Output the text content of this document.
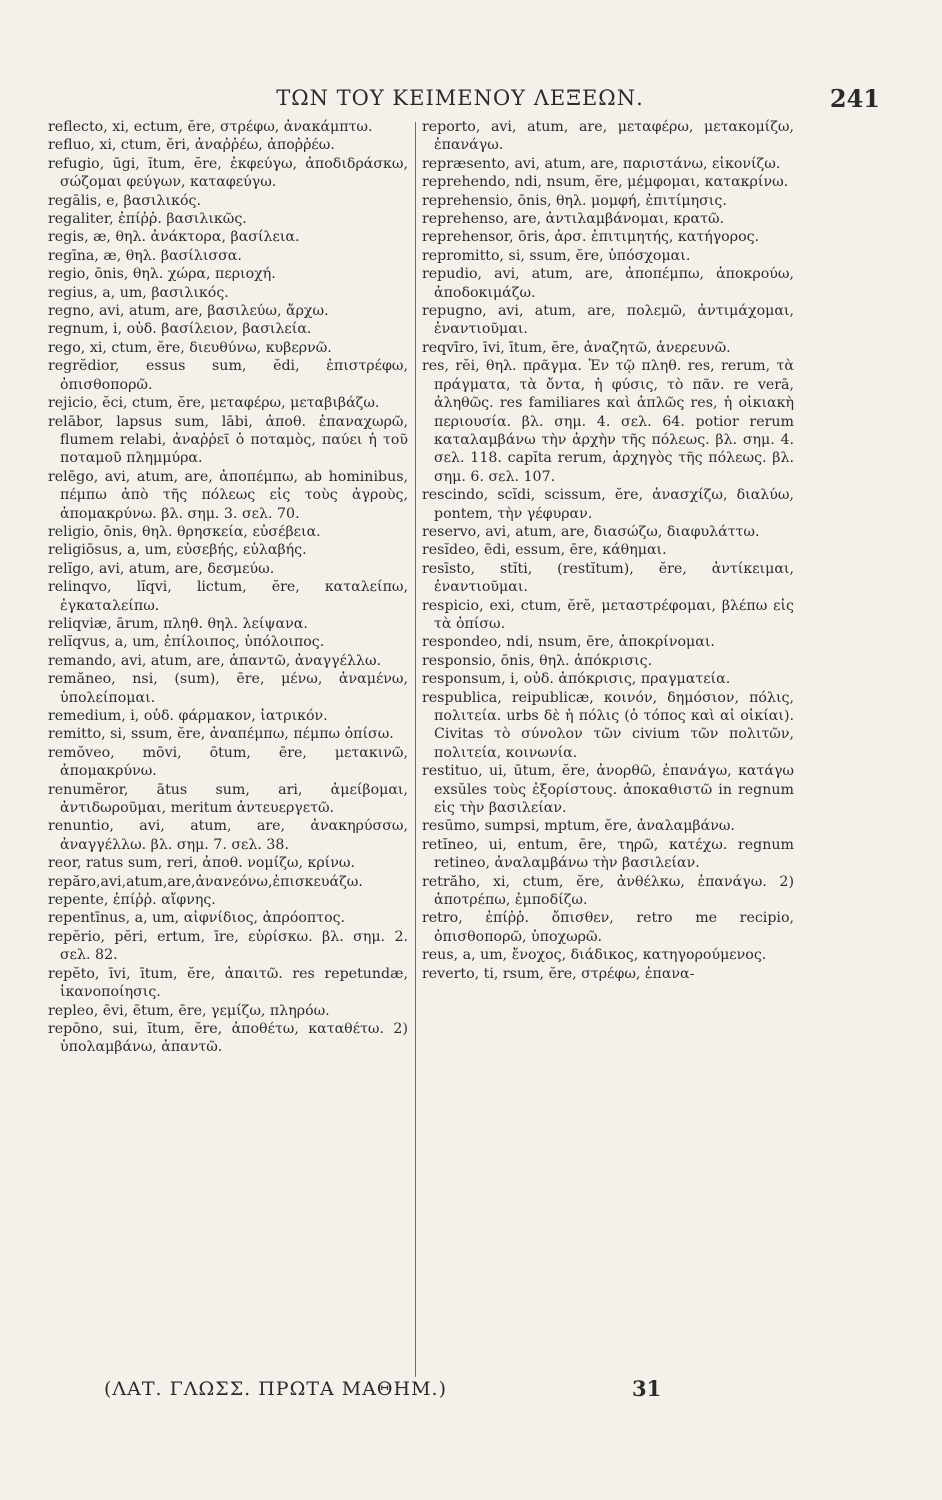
ΤΩΝ ΤΟΥ ΚΕΙΜΕΝΟΥ ΛΕΞΕΩΝ.	241

reflecto, xi, ectum, ĕre, στρέφω, ἀνακάμπτω.

refluo, xi, ctum, ĕri, ἀναῤῥέω, ἀποῤῥέω.

refugio, ūgi, ĭtum, ĕre, ἐκφεύγω, ἀποδιδράσκω, σώζομαι φεύγων, καταφεύγω.

regālis, e, βασιλικός.

regaliter, ἐπίῤῥ. βασιλικῶς.

regis, æ, θηλ. ἀνάκτορα, βασίλεια.

regīna, æ, θηλ. βασίλισσα.

regio, ōnis, θηλ. χώρα, περιοχή.

regius, a, um, βασιλικός.

regno, avi, atum, are, βασιλεύω, ἄρχω.

regnum, i, οὐδ. βασίλειον, βασιλεία.

rego, xi, ctum, ĕre, διευθύνω, κυβερνῶ.

regrĕdior, essus sum, ĕdi, ἐπιστρέφω, ὀπισθοπορῶ.

rejicio, ĕci, ctum, ĕre, μεταφέρω, μεταβιβάζω.

relābor, lapsus sum, lābi, ἀποθ. ἐπαναχωρῶ, flumem relabi, ἀναῤῥεῖ ὁ ποταμὸς, παύει ἡ τοῦ ποταμοῦ πλημμύρα.

relēgo, avi, atum, are, ἀποπέμπω, ab hominibus, πέμπω ἀπὸ τῆς πόλεως εἰς τοὺς ἀγροὺς, ἀπομακρύνω. βλ. σημ. 3. σελ. 70.

religio, ōnis, θηλ. θρησκεία, εὐσέβεια.

religiōsus, a, um, εὐσεβής, εὐλαβής.

relĭgo, avi, atum, are, δεσμεύω.

relinqvo, lĭqvi, lictum, ĕre, καταλείπω, ἐγκαταλείπω.

reliqviæ, ārum, πληθ. θηλ. λείψανα.

relĭqvus, a, um, ἐπίλοιπος, ὑπόλοιπος.

remando, avi, atum, are, ἀπαντῶ, ἀναγγέλλω.

remăneo, nsi, (sum), ēre, μένω, ἀναμένω, ὑπολείπομαι.

remedium, i, οὐδ. φάρμακον, ἰατρικόν.

remitto, si, ssum, ĕre, ἀναπέμπω, πέμπω ὀπίσω.

remŏveo, mōvi, ōtum, ēre, μετακινῶ, ἀπομακρύνω.

renumĕror, ātus sum, ari, ἀμείβομαι, ἀντιδωροῦμαι, meritum ἀντευεργετῶ.

renuntio, avi, atum, are, ἀνακηρύσσω, ἀναγγέλλω. βλ. σημ. 7. σελ. 38.

reor, ratus sum, reri, ἀποθ. νομίζω, κρίνω.

repăro,avi,atum,are,ἀνανεόνω,ἐπισκευάζω.

repente, ἐπίῤῥ. αἴφνης.

repentīnus, a, um, αἰφνίδιος, ἀπρόοπτος.

repĕrio, pĕri, ertum, īre, εὑρίσκω. βλ. σημ. 2. σελ. 82.

repĕto, īvi, ītum, ĕre, ἀπαιτῶ. res repetundæ, ἱκανοποίησις.

repleo, ēvi, ētum, ēre, γεμίζω, πληρόω.

repōno, sui, ĭtum, ĕre, ἀποθέτω, καταθέτω. 2) ὑπολαμβάνω, ἀπαντῶ.

reporto, avi, atum, are, μεταφέρω, μετακομίζω, ἐπανάγω.

repræsento, avi, atum, are, παριστάνω, εἰκονίζω.

reprehendo, ndi, nsum, ĕre, μέμφομαι, κατακρίνω.

reprehensio, ōnis, θηλ. μομφή, ἐπιτίμησις.

reprehenso, are, ἀντιλαμβάνομαι, κρατῶ.

reprehensor, ōris, ἀρσ. ἐπιτιμητής, κατήγορος.

repromitto, si, ssum, ĕre, ὑπόσχομαι.

repudio, avi, atum, are, ἀποπέμπω, ἀποκρούω, ἀποδοκιμάζω.

repugno, avi, atum, are, πολεμῶ, ἀντιμάχομαι, ἐναντιοῦμαι.

reqvīro, īvi, ītum, ĕre, ἀναζητῶ, ἀνερευνῶ.

res, rĕi, θηλ. πρᾶγμα. Ἐν τῷ πληθ. res, rerum, τὰ πράγματα, τὰ ὄντα, ἡ φύσις, τὸ πᾶν. re verā, ἀληθῶς. res familiares καὶ ἁπλῶς res, ἡ οἰκιακὴ περιουσία. βλ. σημ. 4. σελ. 64. potior rerum καταλαμβάνω τὴν ἀρχὴν τῆς πόλεως. βλ. σημ. 4. σελ. 118. capĭta rerum, ἀρχηγὸς τῆς πόλεως. βλ. σημ. 6. σελ. 107.

rescindo, scĭdi, scissum, ĕre, ἀνασχίζω, διαλύω, pontem, τὴν γέφυραν.

reservo, avi, atum, are, διασώζω, διαφυλάττω.

resĭdeo, ēdi, essum, ēre, κάθημαι.

resīsto, stĭti, (restĭtum), ĕre, ἀντίκειμαι, ἐναντιοῦμαι.

respicio, exi, ctum, ĕrĕ, μεταστρέφομαι, βλέπω εἰς τὰ ὀπίσω.

respondeo, ndi, nsum, ēre, ἀποκρίνομαι.

responsio, ōnis, θηλ. ἀπόκρισις.

responsum, i, οὐδ. ἀπόκρισις, πραγματεία.

respublica, reipublicæ, κοινόν, δημόσιον, πόλις, πολιτεία. urbs δὲ ἡ πόλις (ὁ τόπος καὶ αἱ οἰκίαι). Civitas τὸ σύνολον τῶν civium τῶν πολιτῶν, πολιτεία, κοινωνία.

restituo, ui, ūtum, ĕre, ἀνορθῶ, ἐπανάγω, κατάγω exsŭles τοὺς ἐξορίστους. ἀποκαθιστῶ in regnum εἰς τὴν βασιλείαν.

resūmo, sumpsi, mptum, ĕre, ἀναλαμβάνω.

retĭneo, ui, entum, ēre, τηρῶ, κατέχω. regnum retineo, ἀναλαμβάνω τὴν βασιλείαν.

retrăho, xi, ctum, ĕre, ἀνθέλκω, ἐπανάγω. 2) ἀποτρέπω, ἐμποδίζω.

retro, ἐπίῤῥ. ὄπισθεν, retro me recipio, ὀπισθοπορῶ, ὑποχωρῶ.

reus, a, um, ἔνοχος, διάδικος, κατηγορούμενος.

reverto, ti, rsum, ĕre, στρέφω, ἐπανα-

(ΛΑΤ. ΓΛΩΣΣ. ΠΡΩΤΑ ΜΑΘΗΜ.)	31
